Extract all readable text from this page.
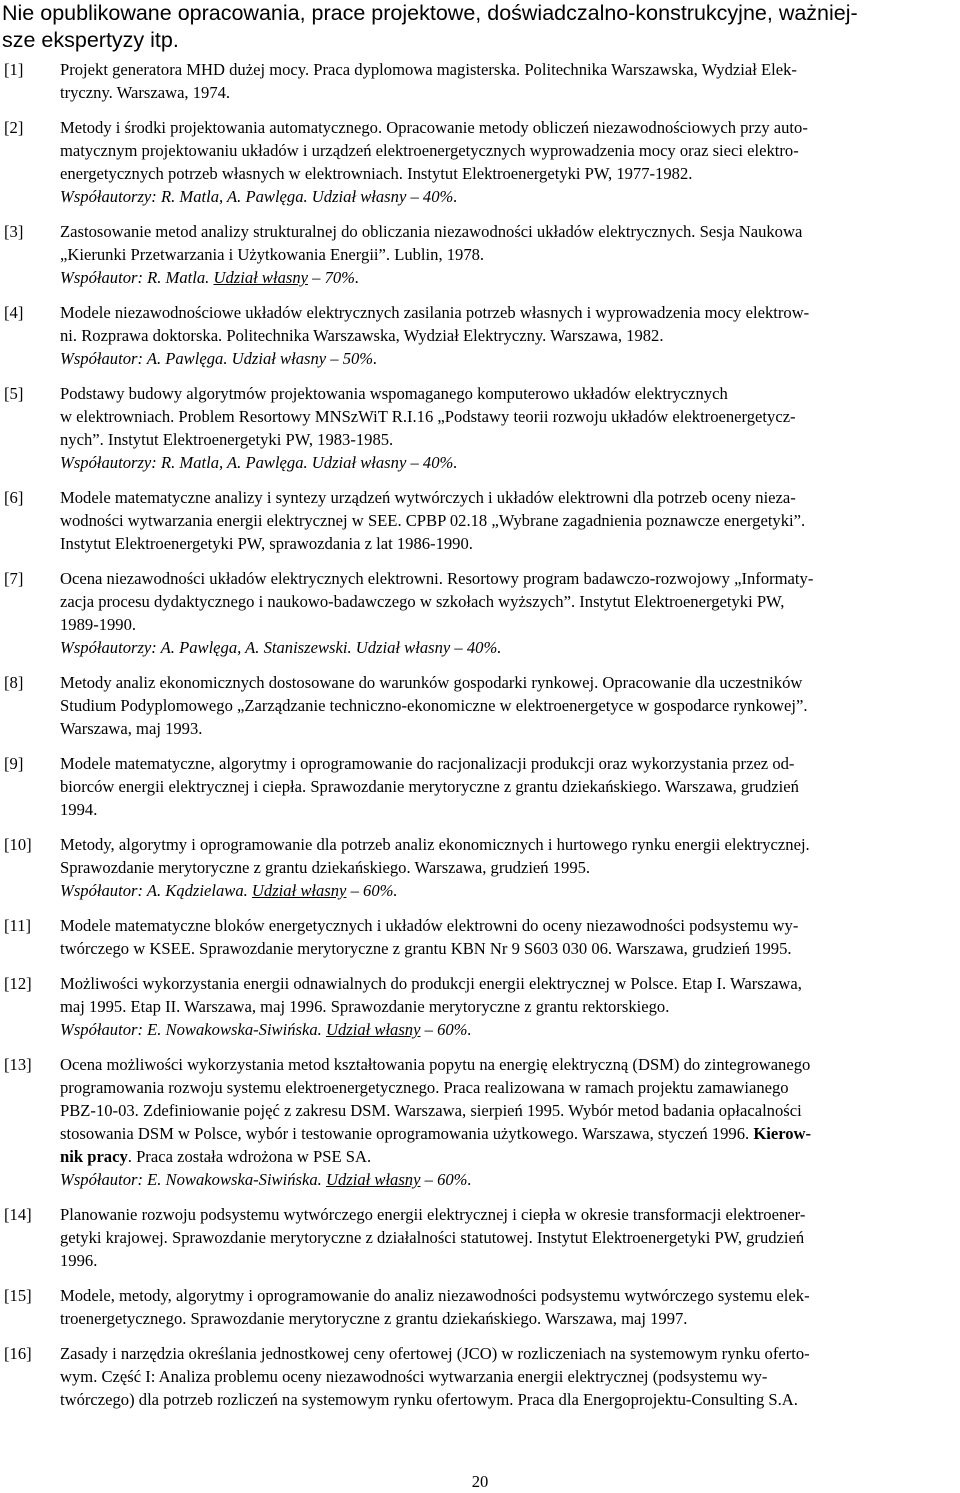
Nie opublikowane opracowania, prace projektowe, doświadczalno-konstrukcyjne, ważniej-
sze ekspertyzy itp.
[1] Projekt generatora MHD dużej mocy. Praca dyplomowa magisterska. Politechnika Warszawska, Wydział Elek-
tryczny. Warszawa, 1974.
[2] Metody i środki projektowania automatycznego. Opracowanie metody obliczeń niezawodnościowych przy auto-
matycznym projektowaniu układów i urządzeń elektroenergetycznych wyprowadzenia mocy oraz sieci elektro-
energetycznych potrzeb własnych w elektrowniach. Instytut Elektroenergetyki PW, 1977-1982.
Współautorzy: R. Matla, A. Pawlęga. Udział własny – 40%.
[3] Zastosowanie metod analizy strukturalnej do obliczania niezawodności układów elektrycznych. Sesja Naukowa
„Kierunki Przetwarzania i Użytkowania Energii”. Lublin, 1978.
Współautor: R. Matla. Udział własny – 70%.
[4] Modele niezawodnościowe układów elektrycznych zasilania potrzeb własnych i wyprowadzenia mocy elektrow-
ni. Rozprawa doktorska. Politechnika Warszawska, Wydział Elektryczny. Warszawa, 1982.
Współautor: A. Pawlęga. Udział własny – 50%.
[5] Podstawy budowy algorytmów projektowania wspomaganego komputerowo układów elektrycznych
w elektrowniach. Problem Resortowy MNSzWiT R.I.16 „Podstawy teorii rozwoju układów elektroenergetycz-
nych”. Instytut Elektroenergetyki PW, 1983-1985.
Współautorzy: R. Matla, A. Pawlęga. Udział własny – 40%.
[6] Modele matematyczne analizy i syntezy urządzeń wytwórczych i układów elektrowni dla potrzeb oceny nieza-
wodności wytwarzania energii elektrycznej w SEE. CPBP 02.18 „Wybrane zagadnienia poznawcze energetyki”.
Instytut Elektroenergetyki PW, sprawozdania z lat 1986-1990.
[7] Ocena niezawodności układów elektrycznych elektrowni. Resortowy program badawczo-rozwojowy „Informaty-
zacja procesu dydaktycznego i naukowo-badawczego w szkołach wyższych”. Instytut Elektroenergetyki PW,
1989-1990.
Współautorzy: A. Pawlęga, A. Staniszewski. Udział własny – 40%.
[8] Metody analiz ekonomicznych dostosowane do warunków gospodarki rynkowej. Opracowanie dla uczestników
Studium Podyplomowego „Zarządzanie techniczno-ekonomiczne w elektroenergetyce w gospodarce rynkowej”.
Warszawa, maj 1993.
[9] Modele matematyczne, algorytmy i oprogramowanie do racjonalizacji produkcji oraz wykorzystania przez od-
biorców energii elektrycznej i ciepła. Sprawozdanie merytoryczne z grantu dziekańskiego. Warszawa, grudzień
1994.
[10] Metody, algorytmy i oprogramowanie dla potrzeb analiz ekonomicznych i hurtowego rynku energii elektrycznej.
Sprawozdanie merytoryczne z grantu dziekańskiego. Warszawa, grudzień 1995.
Współautor: A. Kądzielawa. Udział własny – 60%.
[11] Modele matematyczne bloków energetycznych i układów elektrowni do oceny niezawodności podsystemu wy-
twórczego w KSEE. Sprawozdanie merytoryczne z grantu KBN Nr 9 S603 030 06. Warszawa, grudzień 1995.
[12] Możliwości wykorzystania energii odnawialnych do produkcji energii elektrycznej w Polsce. Etap I. Warszawa,
maj 1995. Etap II. Warszawa, maj 1996. Sprawozdanie merytoryczne z grantu rektorskiego.
Współautor: E. Nowakowska-Siwińska. Udział własny – 60%.
[13] Ocena możliwości wykorzystania metod kształtowania popytu na energię elektryczną (DSM) do zintegrowanego
programowania rozwoju systemu elektroenergetycznego. Praca realizowana w ramach projektu zamawianego
PBZ-10-03. Zdefiniowanie pojęć z zakresu DSM. Warszawa, sierpień 1995. Wybór metod badania opłacalności
stosowania DSM w Polsce, wybór i testowanie oprogramowania użytkowego. Warszawa, styczeń 1996. Kierow-
nik pracy. Praca została wdrożona w PSE SA.
Współautor: E. Nowakowska-Siwińska. Udział własny – 60%.
[14] Planowanie rozwoju podsystemu wytwórczego energii elektrycznej i ciepła w okresie transformacji elektroener-
getyki krajowej. Sprawozdanie merytoryczne z działalności statutowej. Instytut Elektroenergetyki PW, grudzień
1996.
[15] Modele, metody, algorytmy i oprogramowanie do analiz niezawodności podsystemu wytwórczego systemu elek-
troenergetycznego. Sprawozdanie merytoryczne z grantu dziekańskiego. Warszawa, maj 1997.
[16] Zasady i narzędzia określania jednostkowej ceny ofertowej (JCO) w rozliczeniach na systemowym rynku oferto-
wym. Część I: Analiza problemu oceny niezawodności wytwarzania energii elektrycznej (podsystemu wy-
twórczego) dla potrzeb rozliczeń na systemowym rynku ofertowym. Praca dla Energoprojektu-Consulting S.A.
20
